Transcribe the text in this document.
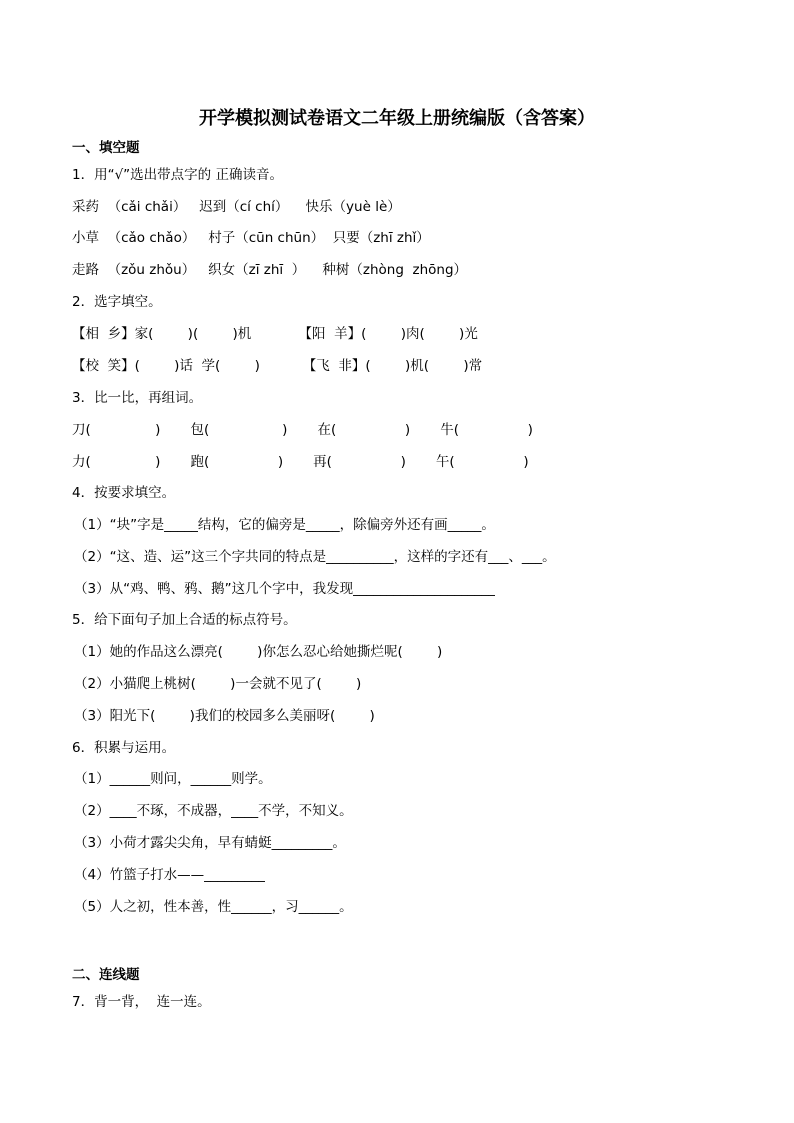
开学模拟测试卷语文二年级上册统编版（含答案）
一、填空题
1．用“√”选出带点字的 正确读音。
采药  （cǎi chǎi）   迟到（cí chí）    快乐（yuè lè）
小草  （cǎo chǎo）   村子（cūn chūn）  只要（zhī zhǐ）
走路  （zǒu zhǒu）   织女（zī zhī  ）    种树（zhòng  zhōng）
2．选字填空。
【相  乡】家(        )(        )机           【阳  羊】(        )肉(        )光
【校  笑】(        )话  学(        )          【飞  非】(        )机(        )常
3．比一比，再组词。
刀(               )       包(                 )       在(                )       牛(                )
力(               )       跑(                )       再(                )       午(                )
4．按要求填空。
（1）“块”字是_____结构，它的偏旁是_____，除偏旁外还有画_____。
（2）“这、造、运”这三个字共同的特点是__________，这样的字还有___、___。
（3）从“鸡、鸭、鸦、鹅”这几个字中，我发现_____________________
5．给下面句子加上合适的标点符号。
（1）她的作品这么漂亮(        )你怎么忍心给她撕烂呢(        )
（2）小猫爬上桃树(        )一会就不见了(        )
（3）阳光下(        )我们的校园多么美丽呀(        )
6．积累与运用。
（1）______则问，______则学。
（2）____不琢，不成器，____不学，不知义。
（3）小荷才露尖尖角，早有蜻蜓_________。
（4）竹篮子打水——_________
（5）人之初，性本善，性______，习______。
二、连线题
7．背一背，  连一连。
